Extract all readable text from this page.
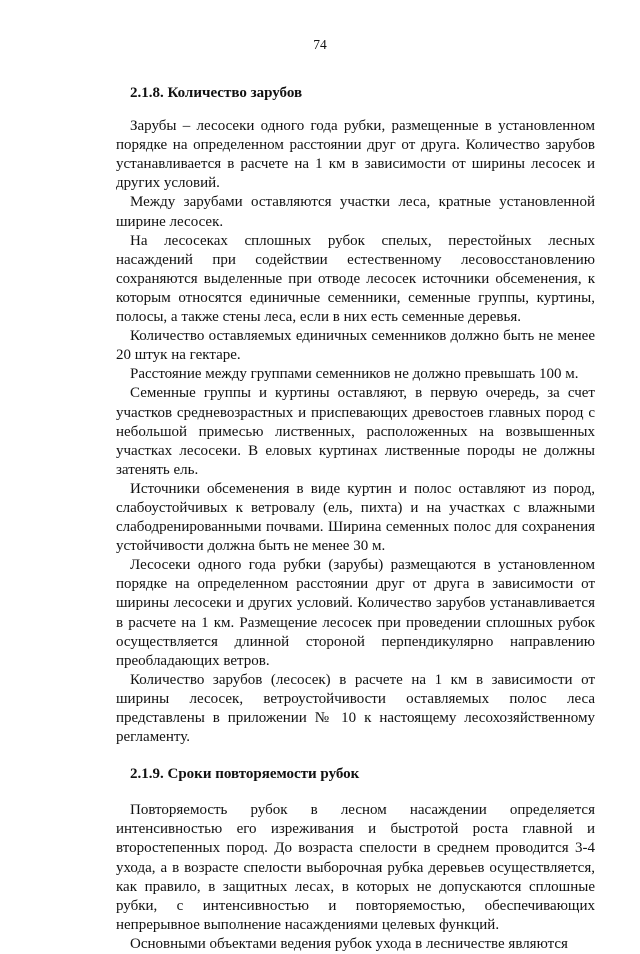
74
2.1.8. Количество зарубов

Зарубы – лесосеки одного года рубки, размещенные в установленном порядке на определенном расстоянии друг от друга. Количество зарубов устанавливается в расчете на 1 км в зависимости от ширины лесосек и других условий.

Между зарубами оставляются участки леса, кратные установленной ширине лесосек.

На лесосеках сплошных рубок спелых, перестойных лесных насаждений при содействии естественному лесовосстановлению сохраняются выделенные при отводе лесосек источники обсеменения, к которым относятся единичные семенники, семенные группы, куртины, полосы, а также стены леса, если в них есть семенные деревья.

Количество оставляемых единичных семенников должно быть не менее 20 штук на гектаре.

Расстояние между группами семенников не должно превышать 100 м.

Семенные группы и куртины оставляют, в первую очередь, за счет участков средневозрастных и приспевающих древостоев главных пород с небольшой примесью лиственных, расположенных на возвышенных участках лесосеки. В еловых куртинах лиственные породы не должны затенять ель.

Источники обсеменения в виде куртин и полос оставляют из пород, слабоустойчивых к ветровалу (ель, пихта) и на участках с влажными слабодренированными почвами. Ширина семенных полос для сохранения устойчивости должна быть не менее 30 м.

Лесосеки одного года рубки (зарубы) размещаются в установленном порядке на определенном расстоянии друг от друга в зависимости от ширины лесосеки и других условий. Количество зарубов устанавливается в расчете на 1 км. Размещение лесосек при проведении сплошных рубок осуществляется длинной стороной перпендикулярно направлению преобладающих ветров.

Количество зарубов (лесосек) в расчете на 1 км в зависимости от ширины лесосек, ветроустойчивости оставляемых полос леса представлены в приложении № 10 к настоящему лесохозяйственному регламенту.

2.1.9. Сроки повторяемости рубок

Повторяемость рубок в лесном насаждении определяется интенсивностью его изреживания и быстротой роста главной и второстепенных пород. До возраста спелости в среднем проводится 3-4 ухода, а в возрасте спелости выборочная рубка деревьев осуществляется, как правило, в защитных лесах, в которых не допускаются сплошные рубки, с интенсивностью и повторяемостью, обеспечивающих непрерывное выполнение насаждениями целевых функций.

Основными объектами ведения рубок ухода в лесничестве являются
